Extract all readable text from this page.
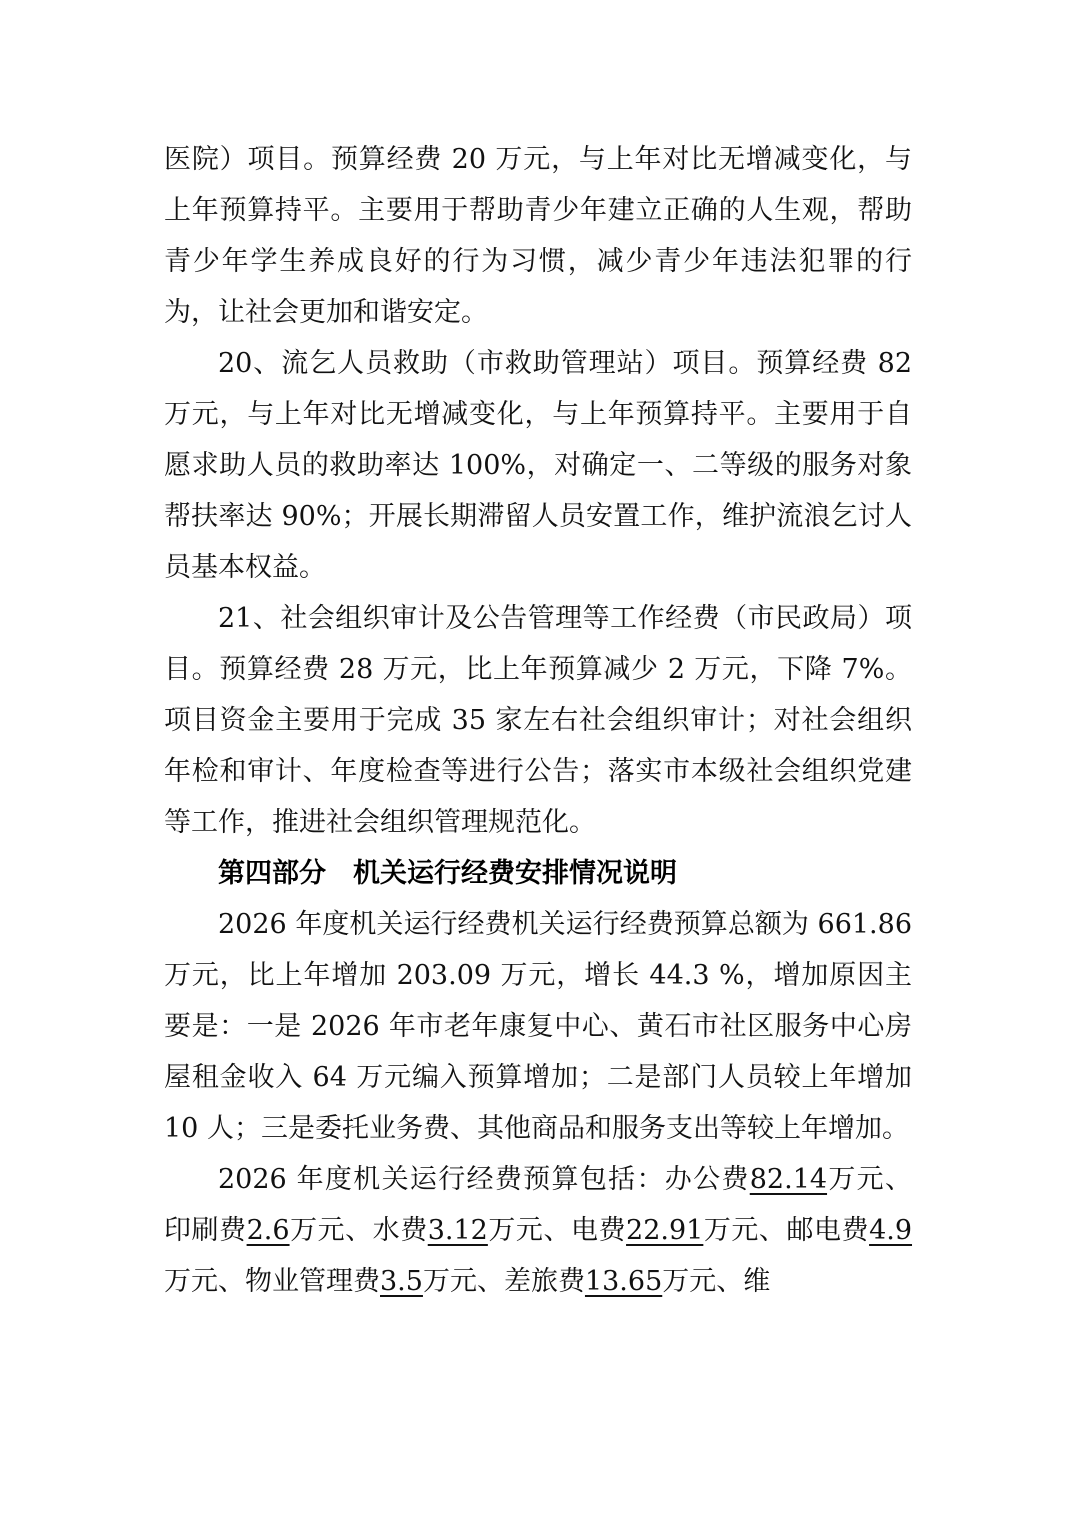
医院）项目。预算经费 20 万元，与上年对比无增减变化，与上年预算持平。主要用于帮助青少年建立正确的人生观，帮助青少年学生养成良好的行为习惯，减少青少年违法犯罪的行为，让社会更加和谐安定。

20、流乞人员救助（市救助管理站）项目。预算经费 82 万元，与上年对比无增减变化，与上年预算持平。主要用于自愿求助人员的救助率达 100%，对确定一、二等级的服务对象帮扶率达 90%；开展长期滞留人员安置工作，维护流浪乞讨人员基本权益。

21、社会组织审计及公告管理等工作经费（市民政局）项目。预算经费 28 万元，比上年预算减少 2 万元，下降 7%。项目资金主要用于完成 35 家左右社会组织审计；对社会组织年检和审计、年度检查等进行公告；落实市本级社会组织党建等工作，推进社会组织管理规范化。

第四部分　机关运行经费安排情况说明

2026 年度机关运行经费机关运行经费预算总额为 661.86 万元，比上年增加 203.09 万元，增长 44.3 %，增加原因主要是：一是 2026 年市老年康复中心、黄石市社区服务中心房屋租金收入 64 万元编入预算增加；二是部门人员较上年增加 10 人；三是委托业务费、其他商品和服务支出等较上年增加。

2026 年度机关运行经费预算包括：办公费82.14万元、印刷费2.6万元、水费3.12万元、电费22.91万元、邮电费4.9万元、物业管理费3.5万元、差旅费13.65万元、维
